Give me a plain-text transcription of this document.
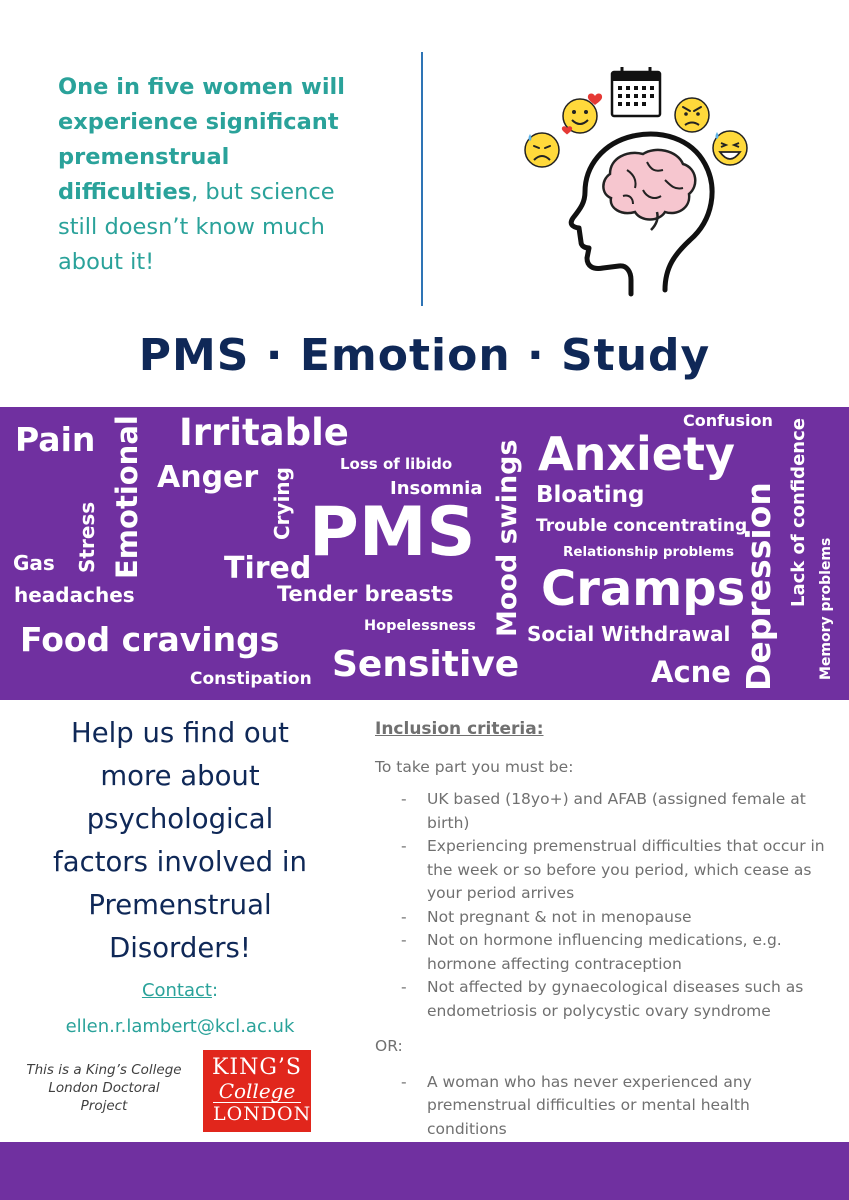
One in five women will
experience significant
premenstrual
difficulties, but science
still doesn’t know much
about it!
PMS · Emotion · Study
Pain Emotional Irritable
Anger Crying
Loss of libido
Insomnia Mood swings
Confusion
Anxiety	Lack of confidence
Memory problems
Stress
Gas	Tired
PMS	Bloating
Trouble concentrating
Relationship problems Depression
headaches	Tender breasts Cramps
Food cravings	Hopelessness	Social Withdrawal
Sensitive	Acne
Constipation
Help us find out
more about
psychological
factors involved in
Premenstrual
Disorders!
Contact:
ellen.r.lambert@kcl.ac.uk
This is a King’s College
London Doctoral
Project
KING’S
College
LONDON
Inclusion criteria:
To take part you must be:
- UK based (18yo+) and AFAB (assigned female at birth)
- Experiencing premenstrual difficulties that occur in the week or so before you period, which cease as your period arrives
- Not pregnant & not in menopause
- Not on hormone influencing medications, e.g. hormone affecting contraception
- Not affected by gynaecological diseases such as endometriosis or polycystic ovary syndrome
OR:
- A woman who has never experienced any premenstrual difficulties or mental health conditions
